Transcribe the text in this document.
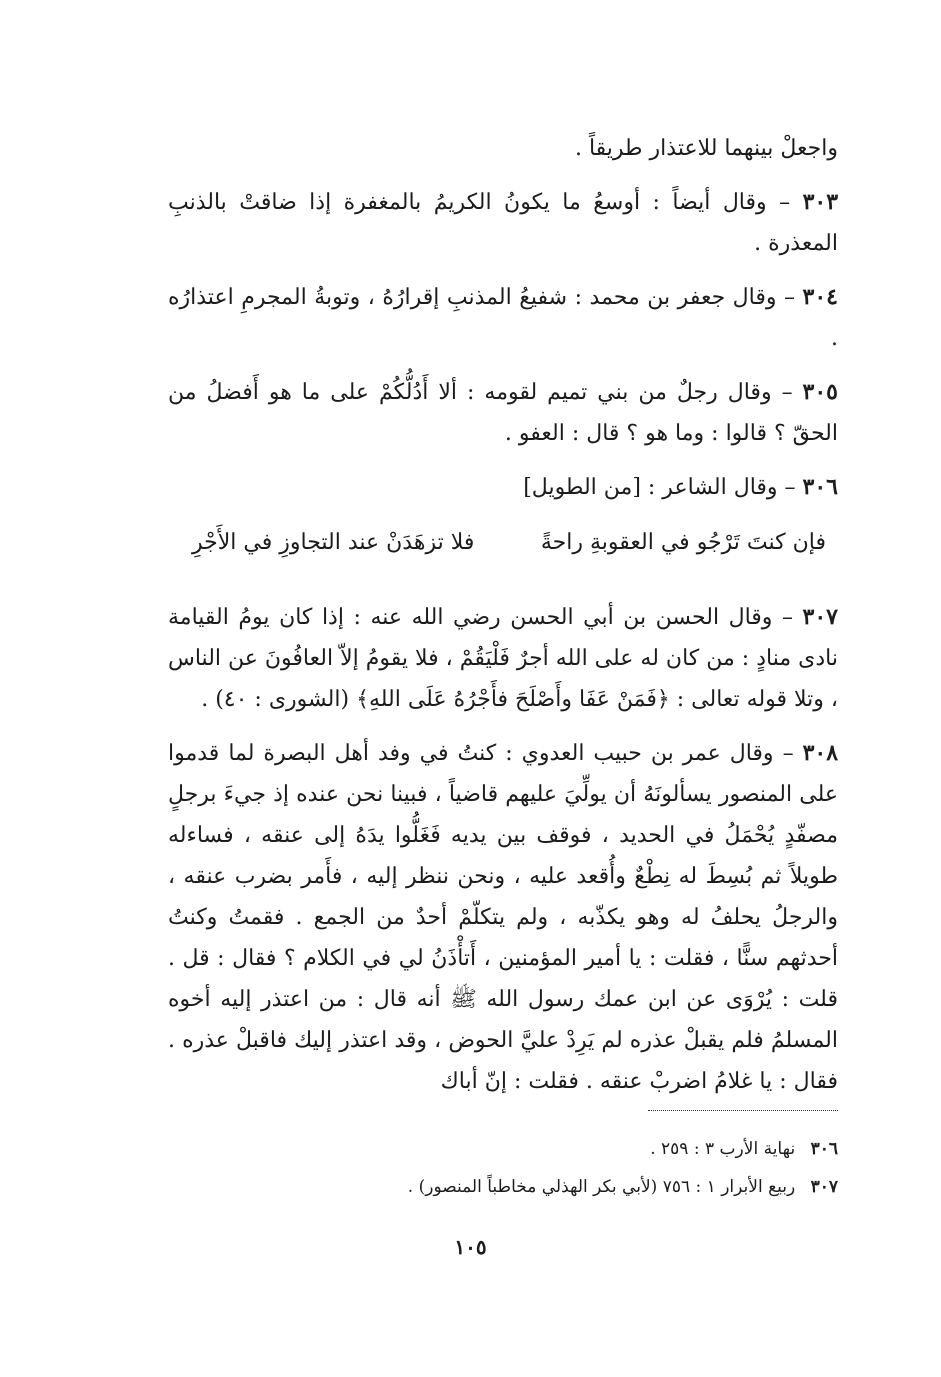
واجعلْ بينهما للاعتذار طريقاً .
٣٠٣ – وقال أيضاً : أوسعُ ما يكونُ الكريمُ بالمغفرة إذا ضاقتْ بالذنبِ المعذرة .
٣٠٤ – وقال جعفر بن محمد : شفيعُ المذنبِ إقرارُهُ ، وتوبةُ المجرمِ اعتذارُه .
٣٠٥ – وقال رجلٌ من بني تميم لقومه : ألا أَدُلُّكُمْ على ما هو أَفضلُ من الحقّ ؟ قالوا : وما هو ؟ قال : العفو .
٣٠٦ – وقال الشاعر : [من الطويل]
فإن كنتَ تَرْجُو في العقوبةِ راحةً
فلا تزهَدَنْ عند التجاوزِ في الأَجْرِ
٣٠٧ – وقال الحسن بن أبي الحسن رضي الله عنه : إذا كان يومُ القيامة نادى منادٍ : من كان له على الله أجرٌ فَلْيَقُمْ ، فلا يقومُ إلاّ العافُونَ عن الناس ، وتلا قوله تعالى : ﴿فَمَنْ عَفَا وأَصْلَحَ فأَجْرُهُ عَلَى اللهِ﴾ (الشورى : ٤٠) .
٣٠٨ – وقال عمر بن حبيب العدوي : كنتُ في وفد أهل البصرة لما قدموا على المنصور يسألونَهُ أن يولِّيَ عليهم قاضياً ، فبينا نحن عنده إذ جيءَ برجلٍ مصفّدٍ يُحْمَلُ في الحديد ، فوقف بين يديه فَغَلُّوا يدَهُ إلى عنقه ، فساءله طويلاً ثم بُسِطَ له نِطْعٌ وأُقعد عليه ، ونحن ننظر إليه ، فأَمر بضرب عنقه ، والرجلُ يحلفُ له وهو يكذّبه ، ولم يتكلّمْ أحدٌ من الجمع . فقمتُ وكنتُ أحدثهم سنًّا ، فقلت : يا أمير المؤمنين ، أَتأْذَنُ لي في الكلام ؟ فقال : قل . قلت : يُرْوَى عن ابن عمك رسول الله ﷺ أنه قال : من اعتذر إليه أخوه المسلمُ فلم يقبلْ عذره لم يَرِدْ عليَّ الحوض ، وقد اعتذر إليك فاقبلْ عذره . فقال : يا غلامُ اضربْ عنقه . فقلت : إنّ أباك
٣٠٦ نهاية الأرب ٣ : ٢٥٩ .
٣٠٧ ربيع الأبرار ١ : ٧٥٦ (لأبي بكر الهذلي مخاطباً المنصور) .
١٠٥
